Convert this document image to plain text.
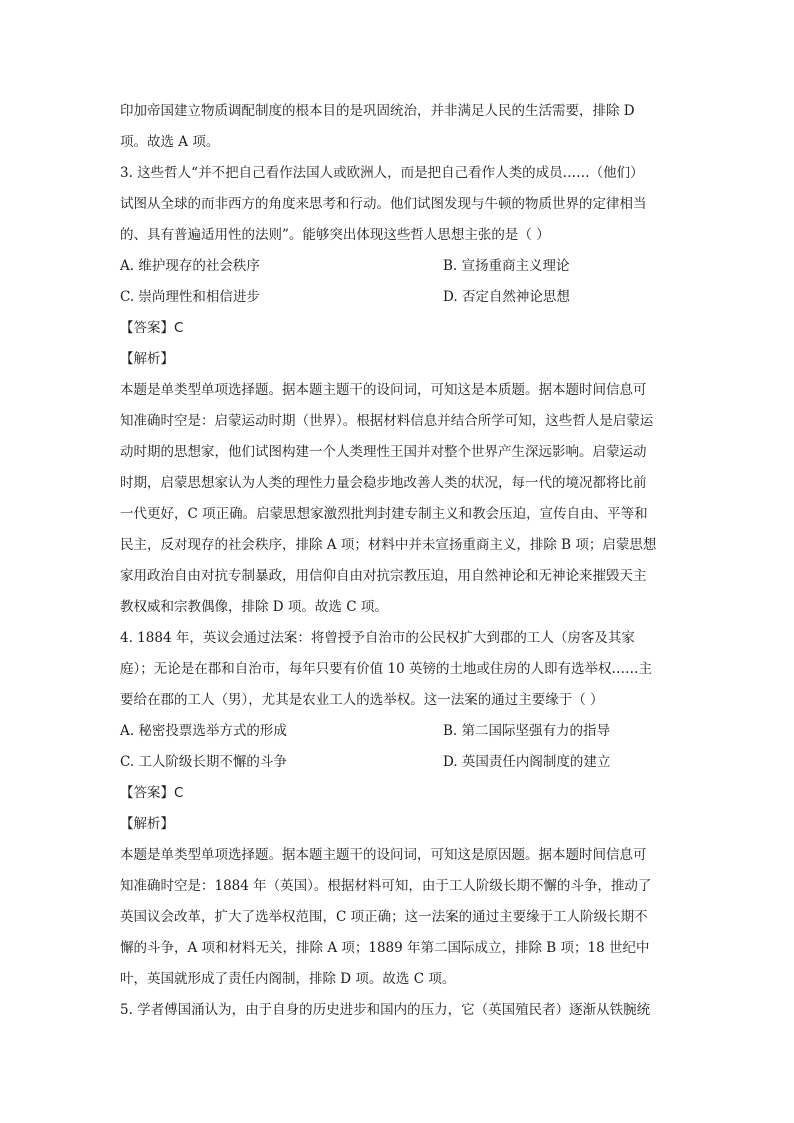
印加帝国建立物质调配制度的根本目的是巩固统治，并非满足人民的生活需要，排除 D
项。故选 A 项。
3. 这些哲人“并不把自己看作法国人或欧洲人，而是把自己看作人类的成员……（他们）
试图从全球的而非西方的角度来思考和行动。他们试图发现与牛顿的物质世界的定律相当
的、具有普遍适用性的法则”。能够突出体现这些哲人思想主张的是（ ）
A. 维护现存的社会秩序	B. 宣扬重商主义理论
C. 崇尚理性和相信进步	D. 否定自然神论思想
【答案】C
【解析】
本题是单类型单项选择题。据本题主题干的设问词，可知这是本质题。据本题时间信息可
知准确时空是：启蒙运动时期（世界）。根据材料信息并结合所学可知，这些哲人是启蒙运
动时期的思想家，他们试图构建一个人类理性王国并对整个世界产生深远影响。启蒙运动
时期，启蒙思想家认为人类的理性力量会稳步地改善人类的状况，每一代的境况都将比前
一代更好，C 项正确。启蒙思想家激烈批判封建专制主义和教会压迫，宣传自由、平等和
民主，反对现存的社会秩序，排除 A 项；材料中并未宣扬重商主义，排除 B 项；启蒙思想
家用政治自由对抗专制暴政，用信仰自由对抗宗教压迫，用自然神论和无神论来摧毁天主
教权威和宗教偶像，排除 D 项。故选 C 项。
4. 1884 年，英议会通过法案：将曾授予自治市的公民权扩大到郡的工人（房客及其家
庭）；无论是在郡和自治市，每年只要有价值 10 英镑的土地或住房的人即有选举权……主
要给在郡的工人（男），尤其是农业工人的选举权。这一法案的通过主要缘于（ ）
A. 秘密投票选举方式的形成	B. 第二国际坚强有力的指导
C. 工人阶级长期不懈的斗争	D. 英国责任内阁制度的建立
【答案】C
【解析】
本题是单类型单项选择题。据本题主题干的设问词，可知这是原因题。据本题时间信息可
知准确时空是：1884 年（英国）。根据材料可知，由于工人阶级长期不懈的斗争，推动了
英国议会改革，扩大了选举权范围，C 项正确；这一法案的通过主要缘于工人阶级长期不
懈的斗争，A 项和材料无关，排除 A 项；1889 年第二国际成立，排除 B 项；18 世纪中
叶，英国就形成了责任内阁制，排除 D 项。故选 C 项。
5. 学者傅国涌认为，由于自身的历史进步和国内的压力，它（英国殖民者）逐渐从铁腕统
